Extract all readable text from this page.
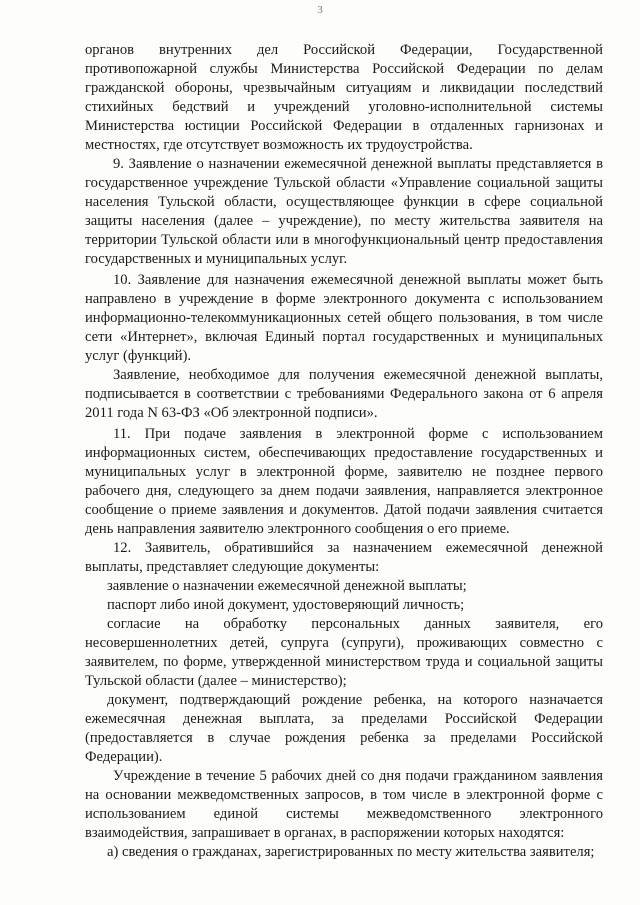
3

органов внутренних дел Российской Федерации, Государственной противопожарной службы Министерства Российской Федерации по делам гражданской обороны, чрезвычайным ситуациям и ликвидации последствий стихийных бедствий и учреждений уголовно-исполнительной системы Министерства юстиции Российской Федерации в отдаленных гарнизонах и местностях, где отсутствует возможность их трудоустройства.

9. Заявление о назначении ежемесячной денежной выплаты представляется в государственное учреждение Тульской области «Управление социальной защиты населения Тульской области, осуществляющее функции в сфере социальной защиты населения (далее – учреждение), по месту жительства заявителя на территории Тульской области или в многофункциональный центр предоставления государственных и муниципальных услуг.

10. Заявление для назначения ежемесячной денежной выплаты может быть направлено в учреждение в форме электронного документа с использованием информационно-телекоммуникационных сетей общего пользования, в том числе сети «Интернет», включая Единый портал государственных и муниципальных услуг (функций).

Заявление, необходимое для получения ежемесячной денежной выплаты, подписывается в соответствии с требованиями Федерального закона от 6 апреля 2011 года N 63-ФЗ «Об электронной подписи».

11. При подаче заявления в электронной форме с использованием информационных систем, обеспечивающих предоставление государственных и муниципальных услуг в электронной форме, заявителю не позднее первого рабочего дня, следующего за днем подачи заявления, направляется электронное сообщение о приеме заявления и документов. Датой подачи заявления считается день направления заявителю электронного сообщения о его приеме.

12. Заявитель, обратившийся за назначением ежемесячной денежной выплаты, представляет следующие документы:

заявление о назначении ежемесячной денежной выплаты;

паспорт либо иной документ, удостоверяющий личность;

согласие на обработку персональных данных заявителя, его несовершеннолетних детей, супруга (супруги), проживающих совместно с заявителем, по форме, утвержденной министерством труда и социальной защиты Тульской области (далее – министерство);

документ, подтверждающий рождение ребенка, на которого назначается ежемесячная денежная выплата, за пределами Российской Федерации (предоставляется в случае рождения ребенка за пределами Российской Федерации).

Учреждение в течение 5 рабочих дней со дня подачи гражданином заявления на основании межведомственных запросов, в том числе в электронной форме с использованием единой системы межведомственного электронного взаимодействия, запрашивает в органах, в распоряжении которых находятся:

а) сведения о гражданах, зарегистрированных по месту жительства заявителя;
